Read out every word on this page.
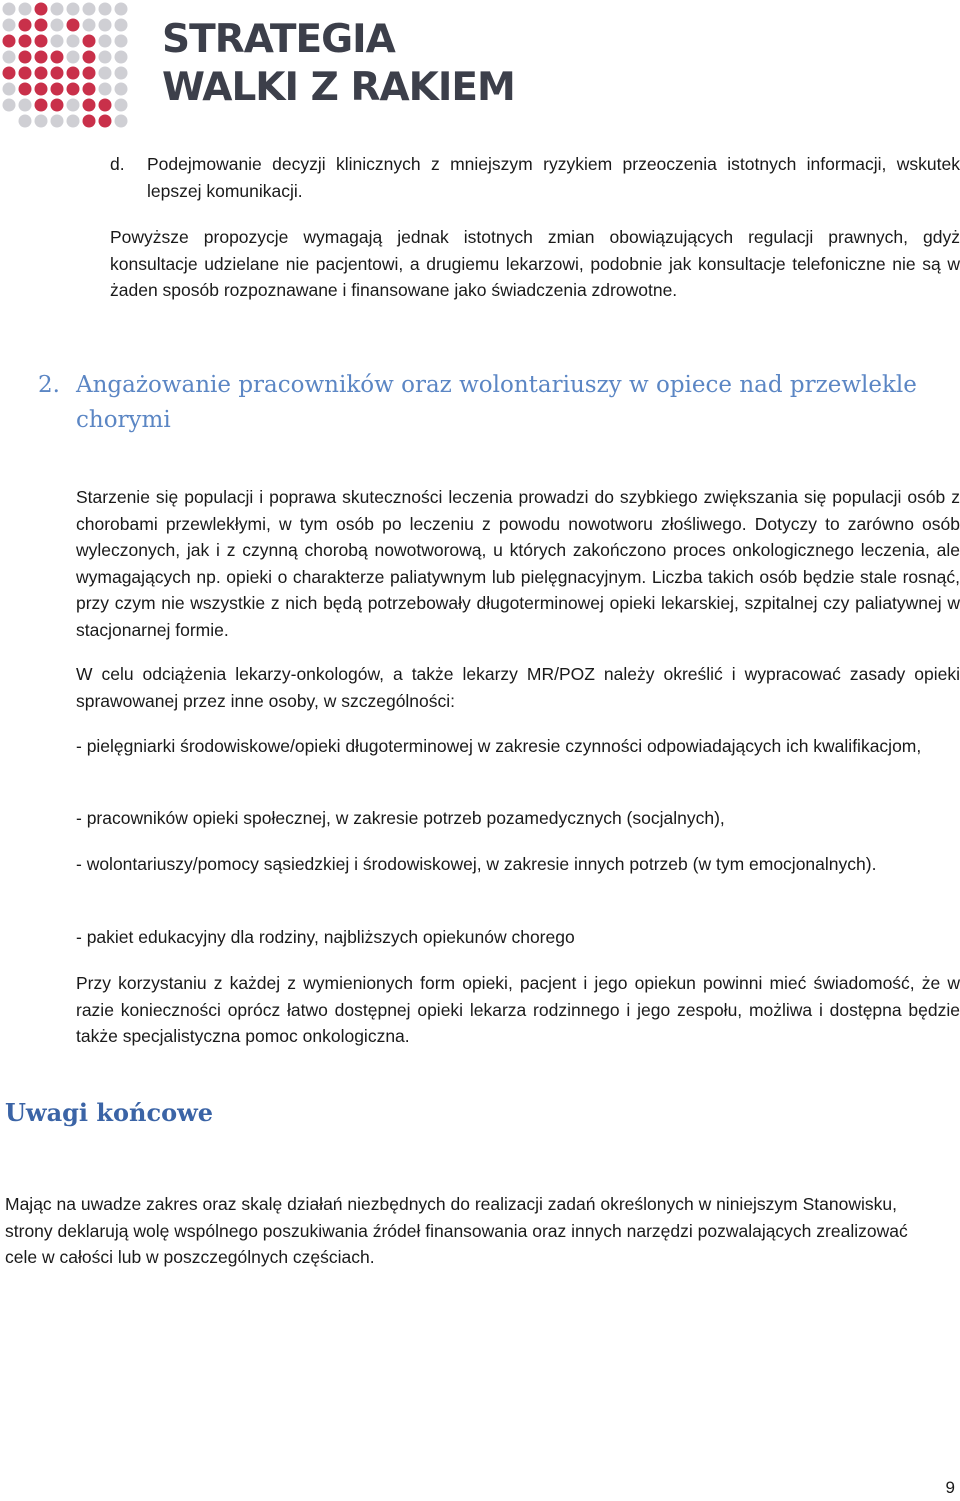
STRATEGIA
WALKI Z RAKIEM
d. Podejmowanie decyzji klinicznych z mniejszym ryzykiem przeoczenia istotnych informacji, wskutek lepszej komunikacji.

Powyższe propozycje wymagają jednak istotnych zmian obowiązujących regulacji prawnych, gdyż konsultacje udzielane nie pacjentowi, a drugiemu lekarzowi, podobnie jak konsultacje telefoniczne nie są w żaden sposób rozpoznawane i finansowane jako świadczenia zdrowotne.

2. Angażowanie pracowników oraz wolontariuszy w opiece nad przewlekle chorymi

Starzenie się populacji i poprawa skuteczności leczenia prowadzi do szybkiego zwiększania się populacji osób z chorobami przewlekłymi, w tym osób po leczeniu z powodu nowotworu złośliwego. Dotyczy to zarówno osób wyleczonych, jak i z czynną chorobą nowotworową, u których zakończono proces onkologicznego leczenia, ale wymagających np. opieki o charakterze paliatywnym lub pielęgnacyjnym. Liczba takich osób będzie stale rosnąć, przy czym nie wszystkie z nich będą potrzebowały długoterminowej opieki lekarskiej, szpitalnej czy paliatywnej w stacjonarnej formie.

W celu odciążenia lekarzy-onkologów, a także lekarzy MR/POZ należy określić i wypracować zasady opieki sprawowanej przez inne osoby, w szczególności:

- pielęgniarki środowiskowe/opieki długoterminowej w zakresie czynności odpowiadających ich kwalifikacjom,

- pracowników opieki społecznej, w zakresie potrzeb pozamedycznych (socjalnych),

- wolontariuszy/pomocy sąsiedzkiej i środowiskowej, w zakresie innych potrzeb (w tym emocjonalnych).

- pakiet edukacyjny dla rodziny, najbliższych opiekunów chorego

Przy korzystaniu z każdej z wymienionych form opieki, pacjent i jego opiekun powinni mieć świadomość, że w razie konieczności oprócz łatwo dostępnej opieki lekarza rodzinnego i jego zespołu, możliwa i dostępna będzie także specjalistyczna pomoc onkologiczna.

Uwagi końcowe

Mając na uwadze zakres oraz skalę działań niezbędnych do realizacji zadań określonych w niniejszym Stanowisku, strony deklarują wolę wspólnego poszukiwania źródeł finansowania oraz innych narzędzi pozwalających zrealizować cele w całości lub w poszczególnych częściach.

9
